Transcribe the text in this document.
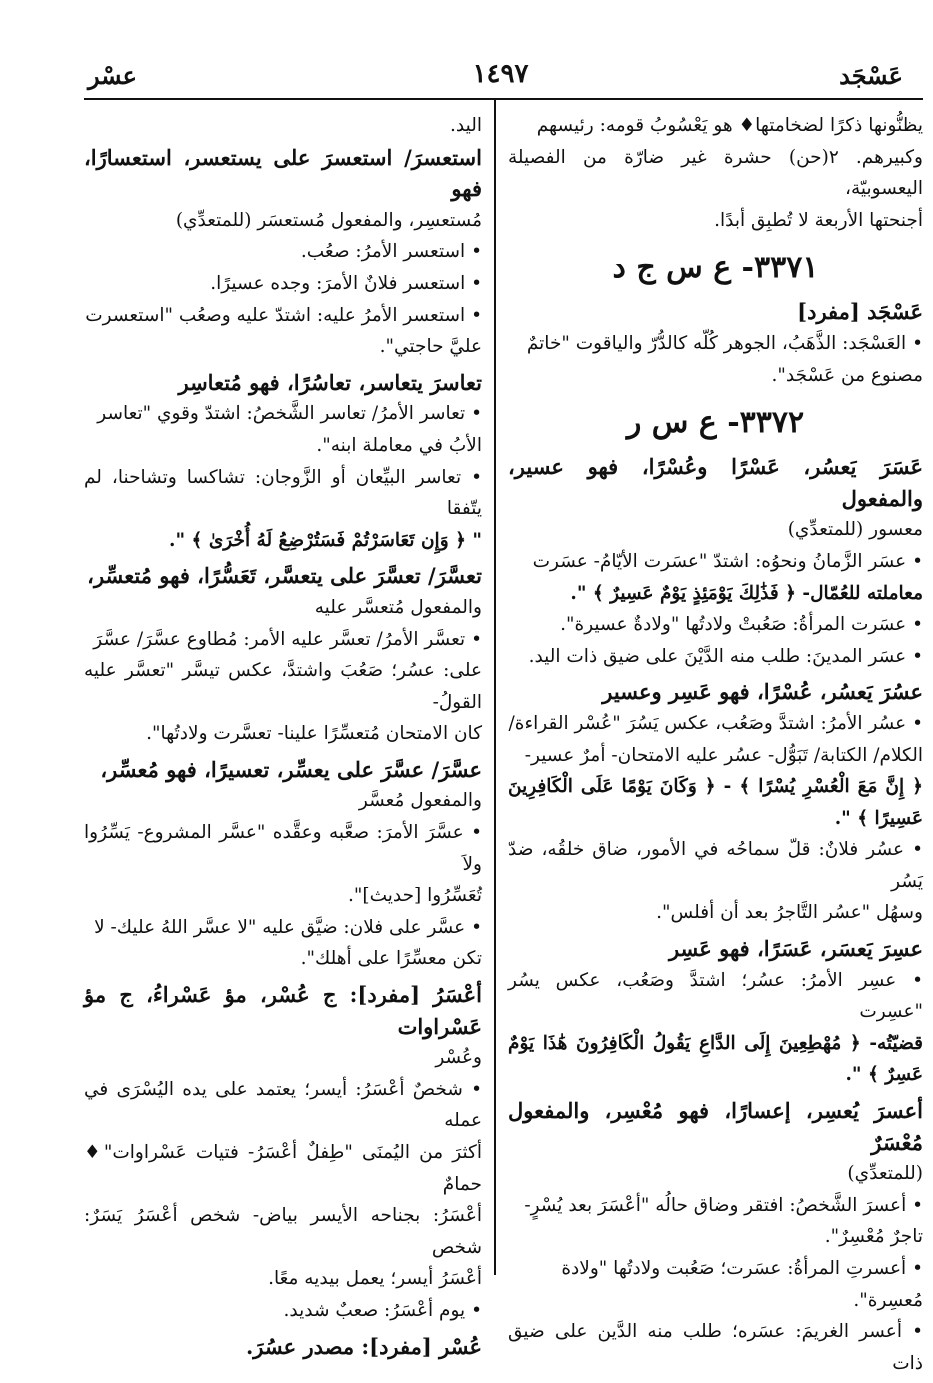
عَسْجَد
١٤٩٧
عسْر

يظنُّونها ذكرًا لضخامتها♦ هو يَعْسُوبُ قومه: رئيسهم

وكبيرهم. ٢(حن) حشرة غير ضارّة من الفصيلة اليعسوبيّة،

أجنحتها الأربعة لا تُطبِق أبدًا.

٣٣٧١- ع س ج د

عَسْجَد [مفرد]

• العَسْجَد: الذَّهَبُ، الجوهر كُلّه كالدُّرّ والياقوت "خاتمٌ

مصنوع من عَسْجَد".

٣٣٧٢- ع س ر

عَسَرَ يَعسُر، عَسْرًا وعُسْرًا، فهو عسير، والمفعول

معسور (للمتعدِّي)

• عسَر الزَّمانُ ونحوُه: اشتدّ "عسَرت الأيّامُ- عسَرت

معاملته للعُمّال- ﴿ فَذَٰلِكَ يَوْمَئِذٍ يَوْمٌ عَسِيرٌ ﴾ ".

• عسَرت المرأةُ: صَعُبتْ ولادتُها "ولادةٌ عسيرة".

• عسَر المدينَ: طلب منه الدَّيْنَ على ضيق ذات اليد.

عسُرَ يَعسُر، عُسْرًا، فهو عَسِر وعسير

• عسُر الأمرُ: اشتدَّ وصَعُب، عكس يَسُرَ "عُسْر القراءة/

الكلام/ الكتابة/ تَبَوُّل- عسُر عليه الامتحان- أمرٌ عسير-

﴿ إِنَّ مَعَ الْعُسْرِ يُسْرًا ﴾ - ﴿ وَكَانَ يَوْمًا عَلَى الْكَافِرِينَ عَسِيرًا ﴾ ".

• عسُر فلانٌ: قلّ سماحُه في الأمور، ضاق خلقُه، ضدّ يَسُر

وسهُل "عسُر التَّاجرُ بعد أن أفلس".

عسِرَ يَعسَر، عَسَرًا، فهو عَسِر

• عسِر الأمرُ: عسُر؛ اشتدَّ وصَعُب، عكس يسُر "عسِرت

قضيّتُه- ﴿ مُهْطِعِينَ إِلَى الدَّاعِ يَقُولُ الْكَافِرُونَ هَٰذَا يَوْمٌ عَسِرٌ ﴾ ".

أعسرَ يُعسِر، إعسارًا، فهو مُعْسِر، والمفعول مُعْسَرٌ

(للمتعدِّي)

• أعسرَ الشَّخصُ: افتقر وضاق حالُه "أعْسَرَ بعد يُسْرٍ-

تاجرٌ مُعْسِرٌ".

• أعسرتِ المرأةُ: عسَرت؛ صَعُبت ولادتُها "ولادة

مُعسِرة".

• أعسر الغريمَ: عسَره؛ طلب منه الدَّين على ضيق ذات

اليد.

استعسرَ/ استعسرَ على يستعسر، استعسارًا، فهو

مُستعسِر، والمفعول مُستعسَر (للمتعدِّي)

• استعسر الأمرُ: صعُب.

• استعسر فلانٌ الأمرَ: وجده عسيرًا.

• استعسر الأمرُ عليه: اشتدّ عليه وصعُب "استعسرت

عليَّ حاجتي".

تعاسرَ يتعاسر، تعاسُرًا، فهو مُتعاسِر

• تعاسر الأمرُ/ تعاسر الشَّخصُ: اشتدّ وقوي "تعاسر

الأبُ في معاملة ابنه".

• تعاسر البيِّعان أو الزَّوجان: تشاكسا وتشاحنا، لم يتّفقا

" ﴿ وَإِن تَعَاسَرْتُمْ فَسَتُرْضِعُ لَهُ أُخْرَىٰ ﴾ ".

تعسَّرَ/ تعسَّرَ على يتعسَّر، تَعَسُّرًا، فهو مُتعسِّر،

والمفعول مُتعسَّر عليه

• تعسَّر الأمرُ/ تعسَّر عليه الأمر: مُطاوع عسَّرَ/ عسَّرَ

على: عسُر؛ صَعُبَ واشتدَّ، عكس تيسَّر "تعسَّر عليه القولُ-

كان الامتحان مُتعسِّرًا علينا- تعسَّرت ولادتُها".

عسَّرَ/ عسَّرَ على يعسِّر، تعسيرًا، فهو مُعسِّر،

والمفعول مُعسَّر

• عسَّرَ الأمرَ: صعَّبه وعقَّده "عسَّر المشروع- يَسِّرُوا ولاَ

تُعَسِّرُوا [حديث]".

• عسَّر على فلان: ضيَّق عليه "لا عسَّر اللهُ عليك- لا

تكن معسِّرًا على أهلك".

أعْسَرُ [مفرد]: ج عُسْر، مؤ عَسْراءُ، ج مؤ عَسْراوات

وعُسْر

• شخصٌ أعْسَرُ: أيسر؛ يعتمد على يده اليُسْرَى في عمله

أكثرَ من اليُمنَى "طِفلٌ أعْسَرُ- فتيات عَسْراوات"♦ حمامٌ

أعْسَرُ: بجناحه الأيسر بياض- شخص أعْسَرُ يَسَرٌ: شخص

أعْسَرُ أيسر؛ يعمل بيديه معًا.

• يوم أعْسَرُ: صعبٌ شديد.

عُسْر [مفرد]: مصدر عسُرَ.
